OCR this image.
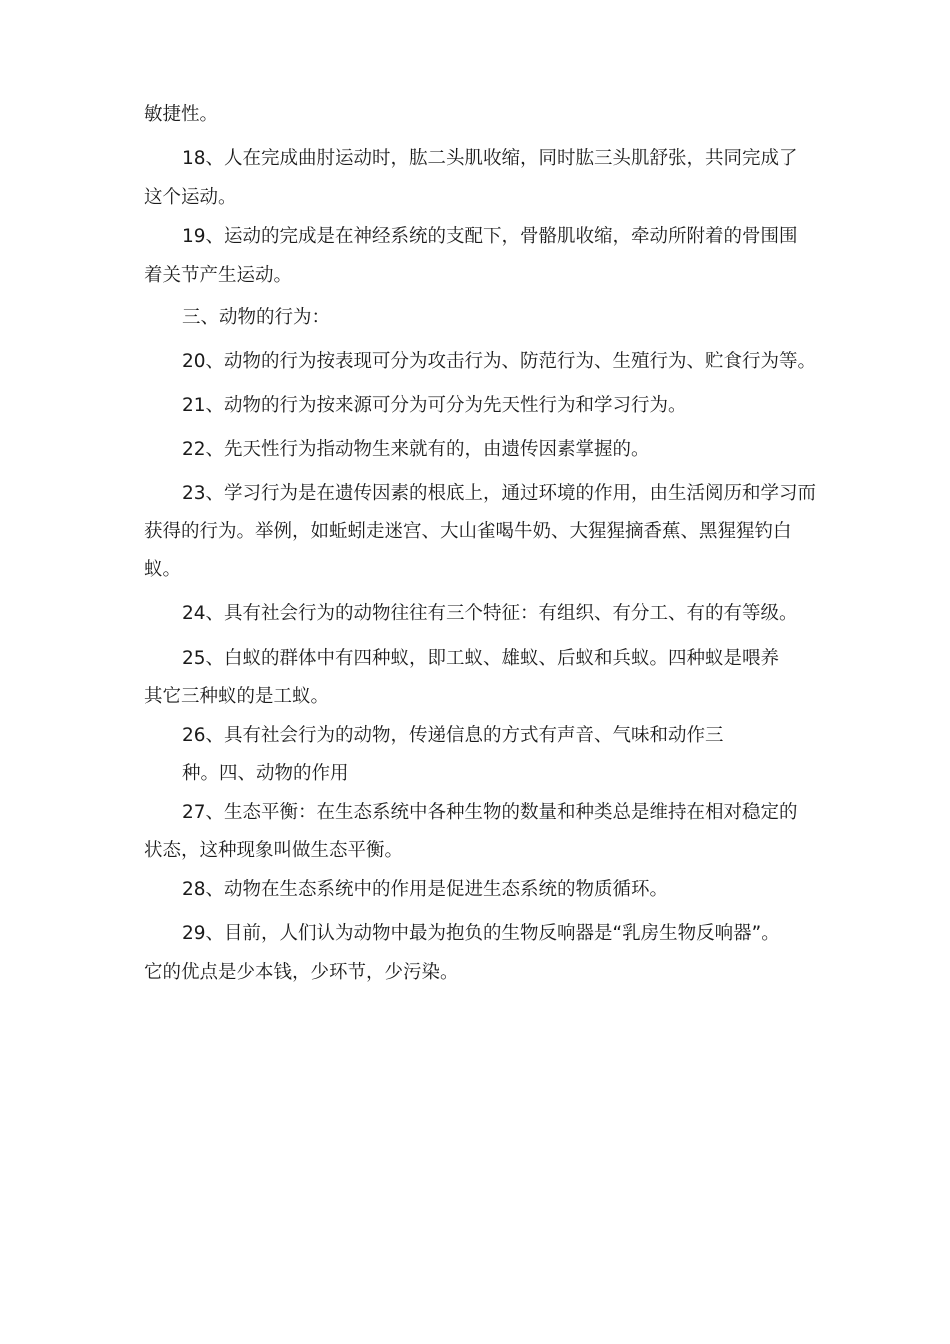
敏捷性。
18、人在完成曲肘运动时，肱二头肌收缩，同时肱三头肌舒张，共同完成了
这个运动。
19、运动的完成是在神经系统的支配下，骨骼肌收缩，牵动所附着的骨围围
着关节产生运动。
三、动物的行为：
20、动物的行为按表现可分为攻击行为、防范行为、生殖行为、贮食行为等。
21、动物的行为按来源可分为可分为先天性行为和学习行为。
22、先天性行为指动物生来就有的，由遗传因素掌握的。
23、学习行为是在遗传因素的根底上，通过环境的作用，由生活阅历和学习而
获得的行为。举例，如蚯蚓走迷宫、大山雀喝牛奶、大猩猩摘香蕉、黑猩猩钓白
蚁。
24、具有社会行为的动物往往有三个特征：有组织、有分工、有的有等级。
25、白蚁的群体中有四种蚁，即工蚁、雄蚁、后蚁和兵蚁。四种蚁是喂养
其它三种蚁的是工蚁。
26、具有社会行为的动物，传递信息的方式有声音、气味和动作三
种。四、动物的作用
27、生态平衡：在生态系统中各种生物的数量和种类总是维持在相对稳定的
状态，这种现象叫做生态平衡。
28、动物在生态系统中的作用是促进生态系统的物质循环。
29、目前，人们认为动物中最为抱负的生物反响器是“乳房生物反响器”。
它的优点是少本钱，少环节，少污染。
